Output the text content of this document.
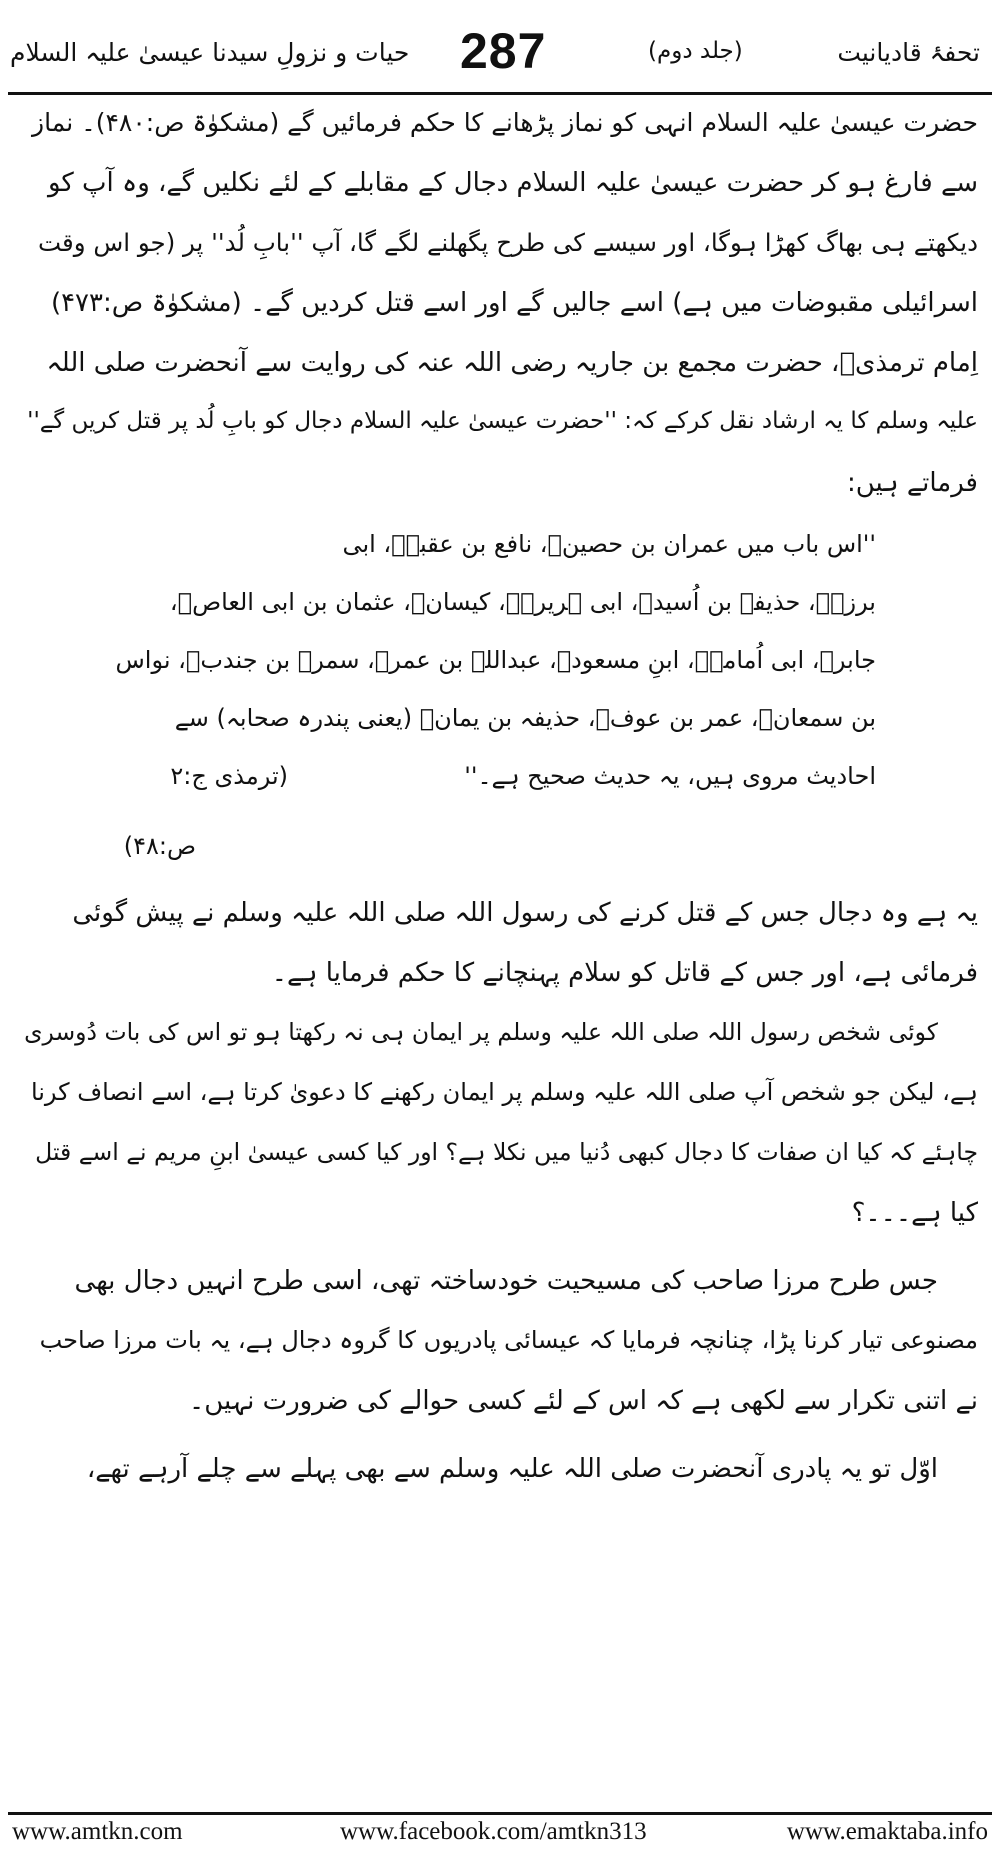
تحفۂ قادیانیت
(جلد دوم)
287
حیات و نزولِ سیدنا عیسیٰ علیہ السلام
حضرت عیسیٰ علیہ السلام انہی کو نماز پڑھانے کا حکم فرمائیں گے (مشکوٰۃ ص:۴۸۰)۔ نماز
سے فارغ ہو کر حضرت عیسیٰ علیہ السلام دجال کے مقابلے کے لئے نکلیں گے، وہ آپ کو
دیکھتے ہی بھاگ کھڑا ہوگا، اور سیسے کی طرح پگھلنے لگے گا، آپ ''بابِ لُد'' پر (جو اس وقت
اسرائیلی مقبوضات میں ہے) اسے جالیں گے اور اسے قتل کردیں گے۔ (مشکوٰۃ ص:۴۷۳)
اِمام ترمذیؒ، حضرت مجمع بن جاریہ رضی اللہ عنہ کی روایت سے آنحضرت صلی اللہ
علیہ وسلم کا یہ ارشاد نقل کرکے کہ: ''حضرت عیسیٰ علیہ السلام دجال کو بابِ لُد پر قتل کریں گے''
فرماتے ہیں:
''اس باب میں عمران بن حصینؓ، نافع بن عقبہؓ، ابی
برزہؓ، حذیفہ بن اُسیدؓ، ابی ہریرہؓ، کیسانؓ، عثمان بن ابی العاصؓ،
جابرؓ، ابی اُمامہؓ، ابنِ مسعودؓ، عبداللہ بن عمرؓ، سمرہ بن جندبؓ، نواس
بن سمعانؓ، عمر بن عوفؓ، حذیفہ بن یمانؓ (یعنی پندرہ صحابہ) سے
احادیث مروی ہیں، یہ حدیث صحیح ہے۔''
(ترمذی ج:۲
ص:۴۸)
یہ ہے وہ دجال جس کے قتل کرنے کی رسول اللہ صلی اللہ علیہ وسلم نے پیش گوئی
فرمائی ہے، اور جس کے قاتل کو سلام پہنچانے کا حکم فرمایا ہے۔
کوئی شخص رسول اللہ صلی اللہ علیہ وسلم پر ایمان ہی نہ رکھتا ہو تو اس کی بات دُوسری
ہے، لیکن جو شخص آپ صلی اللہ علیہ وسلم پر ایمان رکھنے کا دعویٰ کرتا ہے، اسے انصاف کرنا
چاہئے کہ کیا ان صفات کا دجال کبھی دُنیا میں نکلا ہے؟ اور کیا کسی عیسیٰ ابنِ مریم نے اسے قتل
کیا ہے۔۔۔؟
جس طرح مرزا صاحب کی مسیحیت خودساختہ تھی، اسی طرح انہیں دجال بھی
مصنوعی تیار کرنا پڑا، چنانچہ فرمایا کہ عیسائی پادریوں کا گروہ دجال ہے، یہ بات مرزا صاحب
نے اتنی تکرار سے لکھی ہے کہ اس کے لئے کسی حوالے کی ضرورت نہیں۔
اوّل تو یہ پادری آنحضرت صلی اللہ علیہ وسلم سے بھی پہلے سے چلے آرہے تھے،
www.amtkn.com	www.facebook.com/amtkn313	www.emaktaba.info
